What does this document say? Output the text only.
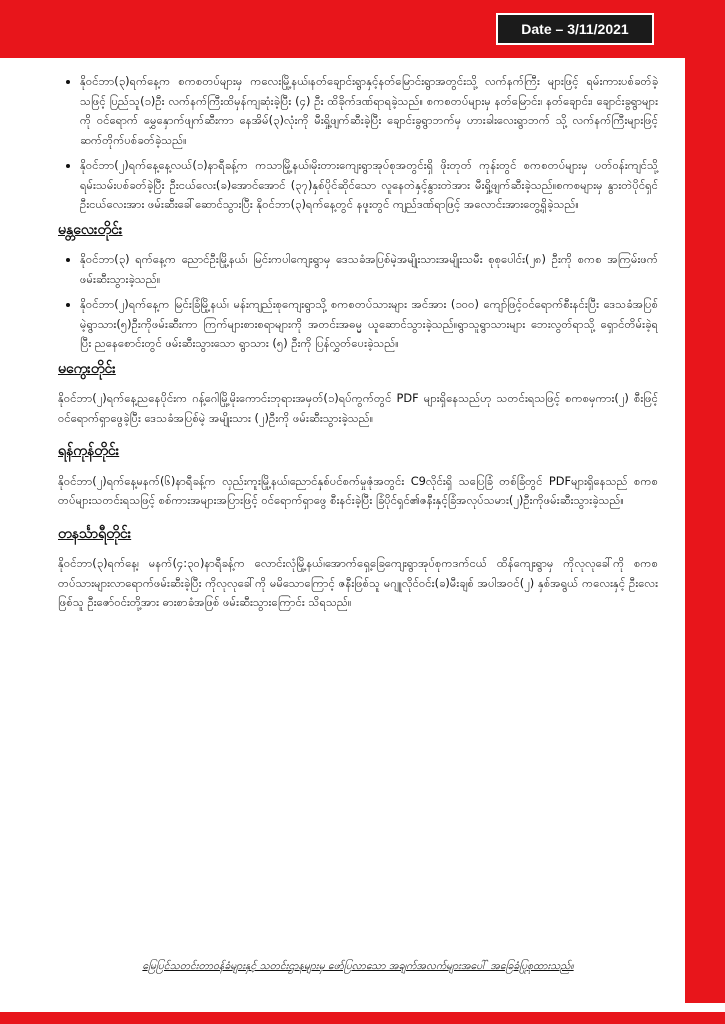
Date – 3/11/2021
• နိုဝင်ဘာ(၃)ရက်နေ့က စကစတပ်များမှ ကလေးမြို့နယ်၊နတ်ချောင်းရွာနှင့်နတ်မြောင်းရွာအတွင်းသို့ လက်နက်ကြီး များဖြင့် ရမ်းကားပစ်ခတ်ခဲ့သဖြင့် ပြည်သူ(၁)ဦး လက်နက်ကြီးထိမှန်ကျဆုံးခဲ့ပြီး (၄) ဦး ထိခိုက်ဒဏ်ရာရခဲ့သည်။ စကစတပ်များမှ နတ်မြောင်း၊ နတ်ချောင်း၊ ချောင်းခွရွာများကို ဝင်ရောက် မွှေနှောက်ဖျက်ဆီးကာ နေအိမ်(၃)လုံးကို မီးရှို့ဖျက်ဆီးခဲ့ပြီး ချောင်းခွရွာဘက်မှ ဟားခါးလေးရွာဘက် သို့ လက်နက်ကြီးများဖြင့် ဆက်တိုက်ပစ်ခတ်ခဲ့သည်။
• နိုဝင်ဘာ(၂)ရက်နေ့နေ့လယ်(၁)နာရီခန့်က ကသာမြို့နယ်၊မိုးတားကျေးရွာအုပ်စုအတွင်းရှိ ဖိုးတုတ် ကုန်းတွင် စကစတပ်များမှ ပတ်ဝန်းကျင်သို့ ရမ်းသမ်းပစ်ခတ်ခဲ့ပြီး ဦးငယ်လေး(ခ)အောင်အောင် (၃၇)နှစ်ပိုင်ဆိုင်သော လူနေတဲနှင့်နွားတဲအား မီးရှို့ဖျက်ဆီးခဲ့သည်။စကစများမှ နွားတဲပိုင်ရှင် ဦးငယ်လေးအား ဖမ်းဆီးခေါ်ဆောင်သွားပြီး နိုဝင်ဘာ(၃)ရက်နေ့တွင် နဖူးတွင် ကျည်ဒဏ်ရာဖြင့် အလောင်းအားတွေ့ရှိခဲ့သည်။
မန္တလေးတိုင်း
• နိုဝင်ဘာ(၃) ရက်နေ့က ညောင်ဦးမြို့နယ်၊ မြင်းကပါကျေးရွာမှ ဒေသခံအပြစ်မဲ့အမျိုးသားအမျိုးသမီး စုစုပေါင်း(၂၈) ဦးကို စကစ အကြမ်းဖက်ဖမ်းဆီးသွားခဲ့သည်။
• နိုဝင်ဘာ(၂)ရက်နေ့က မြင်းခြံမြို့နယ်၊ မန်းကျည်းစုကျေးရွာသို့ စကစတပ်သားများ အင်အား (၁၀၀) ကျော်ဖြင့်ဝင်ရောက်စီးနင်းပြီး ဒေသခံအပြစ်မဲ့ရွာသား(၅)ဦးကိုဖမ်းဆီးကာ ကြက်များစားစရာများကို အတင်းအဓမ္မ ယူဆောင်သွားခဲ့သည်။ရွာသူရွာသားများ ဘေးလွတ်ရာသို့ ရှောင်တိမ်းခဲ့ရပြီး ညနေစောင်းတွင် ဖမ်းဆီးသွားသော ရွာသား (၅) ဦးကို ပြန်လွှတ်ပေးခဲ့သည်။
မကွေးတိုင်း

နိုဝင်ဘာ(၂)ရက်နေ့ညနေပိုင်းက ဂန့်ဂေါမြို့မိုးကောင်းဘုရားအမှတ်(၁)ရပ်ကွက်တွင် PDF များရှိနေသည်ဟု သတင်းရသဖြင့် စကစမှကား(၂) စီးဖြင့် ဝင်ရောက်ရှာဖွေခဲ့ပြီး ဒေသခံအပြစ်မဲ့ အမျိုးသား (၂)ဦးကို ဖမ်းဆီးသွားခဲ့သည်။

ရန်ကုန်တိုင်း

နိုဝင်ဘာ(၂)ရက်နေ့မနက်(၆)နာရီခန့်က လှည်းကူးမြို့နယ်၊ညောင်နှစ်ပင်စက်မှုဇုံအတွင်း C9လိုင်းရှိ သပြေခြံ တစ်ခြံတွင် PDFများရှိနေသည် စကစတပ်များသတင်းရသဖြင့် စစ်ကားအများအပြားဖြင့် ဝင်ရောက်ရှာဖွေ စီးနင်းခဲ့ပြီး ခြံပိုင်ရှင်၏ဇနီးနှင့်ခြံအလုပ်သမား(၂)ဦးကိုဖမ်းဆီးသွားခဲ့သည်။

တနင်္သာရီတိုင်း

နိုဝင်ဘာ(၃)ရက်နေ့၊ မနက်(၄:၃၀)နာရီခန့်က လောင်းလုံမြို့နယ်၊အောက်ရှေ့ခြေကျေးရွာအုပ်စုကဒက်ငယ် ထိန်ကျေးရွာမှ ကိုလုလုခေါ်ကို စကစတပ်သားများလာရောက်ဖမ်းဆီးခဲ့ပြီး ကိုလုလုခေါ်ကို မမိသောကြောင့် ဇနီးဖြစ်သူ မဂျူလိုင်ဝင်း(ခ)မီးချစ် အပါအဝင်(၂) နှစ်အရွယ် ကလေးနှင့် ဦးလေးဖြစ်သူ ဦးဇော်ဝင်းတို့အား ဓားစာခံအဖြစ် ဖမ်းဆီးသွားကြောင်း သိရသည်။

မြေပြင်သတင်းတာဝန်ခံများနှင့် သတင်းဌာနများမှ ဖော်ပြလာသော အချက်အလက်များအပေါ် အခြေခံပြုစုထားသည်။
